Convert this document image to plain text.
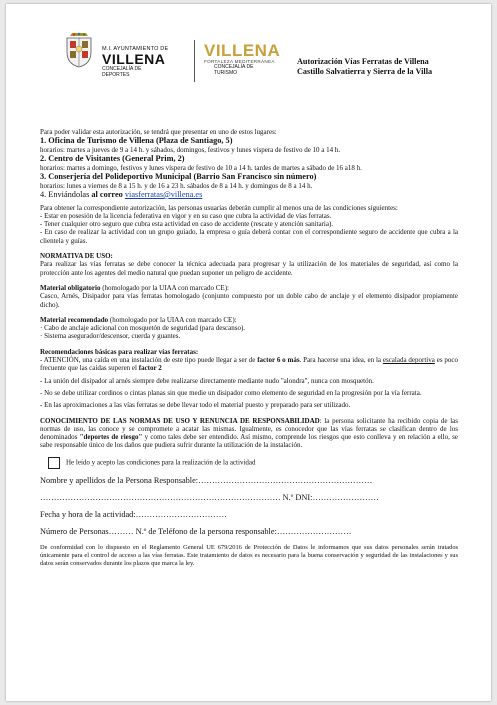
M.I. AYUNTAMIENTO DE
VILLENA
CONCEJALÍA DE
DEPORTES
VILLENA
FORTALEZA MEDITERRÁNEA
CONCEJALÍA DE
TURISMO
Autorización Vías Ferratas de Villena
Castillo Salvatierra y Sierra de la Villa

Para poder validar esta autorización, se tendrá que presentar en uno de estos lugares:

1. Oficina de Turismo de Villena (Plaza de Santiago, 5)

horarios: martes a jueves de 9 a 14 h. y sábados, domingos, festivos y lunes víspera de festivo de 10 a 14 h.

2. Centro de Visitantes (General Prim, 2)

horarios: martes a domingo, festivos y lunes víspera de festivo de 10 a 14 h. tardes de martes a sábado de 16 a18 h.

3. Conserjería del Polideportivo Municipal (Barrio San Francisco sin número)

horarios: lunes a viernes de 8 a 15 h. y de 16 a 23 h. sábados de 8 a 14 h. y domingos de 8 a 14 h.

4. Enviándolas al correo viasferratas@villena.es

Para obtener la correspondiente autorización, las personas usuarias deberán cumplir al menos una de las condiciones siguientes:

- Estar en posesión de la licencia federativa en vigor y en su caso que cubra la actividad de vías ferratas.

- Tener cualquier otro seguro que cubra esta actividad en caso de accidente (rescate y atención sanitaria).

- En caso de realizar la actividad con un grupo guiado, la empresa o guía deberá contar con el correspondiente seguro de accidente que cubra a la clientela y guías.

NORMATIVA DE USO:

Para realizar las vías ferratas se debe conocer la técnica adecuada para progresar y la utilización de los materiales de seguridad, así como la protección ante los agentes del medio natural que puedan suponer un peligro de accidente.

Material obligatorio (homologado por la UIAA con marcado CE):

Casco, Arnés, Disipador para vías ferratas homologado (conjunto compuesto por un doble cabo de anclaje y el elemento disipador propiamente dicho).

Material recomendado (homologado por la UIAA con marcado CE):

· Cabo de anclaje adicional con mosquetón de seguridad (para descanso).

· Sistema asegurador/descensor, cuerda y guantes.

Recomendaciones básicas para realizar vías ferratas:

- ATENCIÓN, una caída en una instalación de este tipo puede llegar a ser de factor 6 o más. Para hacerse una idea, en la escalada deportiva es poco frecuente que las caídas superen el factor 2

- La unión del disipador al arnés siempre debe realizarse directamente mediante nudo "alondra", nunca con mosquetón.

- No se debe utilizar cordinos o cintas planas sin que medie un disipador como elemento de seguridad en la progresión por la vía ferrata.

- En las aproximaciones a las vías ferratas se debe llevar todo el material puesto y preparado para ser utilizado.

CONOCIMIENTO DE LAS NORMAS DE USO Y RENUNCIA DE RESPONSABILIDAD: la persona solicitante ha recibido copia de las normas de uso, las conoce y se compromete a acatar las mismas. Igualmente, es conocedor que las vías ferratas se clasifican dentro de los denominados "deportes de riesgo" y como tales debe ser entendido. Así mismo, comprende los riesgos que esto conlleva y en relación a ello, se sabe responsable único de los daños que pudiera sufrir durante la utilización de la instalación.

He leído y acepto las condiciones para la realización de la actividad

Nombre y apellidos de la Persona Responsable:………………………………………………………

…………………………………………………………………………… N.º DNI:……………………

Fecha y hora de la actividad:……………………………

Número de Personas……… N.º de Teléfono de la persona responsable:………………………

De conformidad con lo dispuesto en el Reglamento General UE 679/2016 de Protección de Datos le informamos que sus datos personales serán tratados únicamente para el control de acceso a las vías ferratas. Este tratamiento de datos es necesario para la buena conservación y seguridad de las instalaciones y sus datos serán conservados durante los plazos que marca la ley.
